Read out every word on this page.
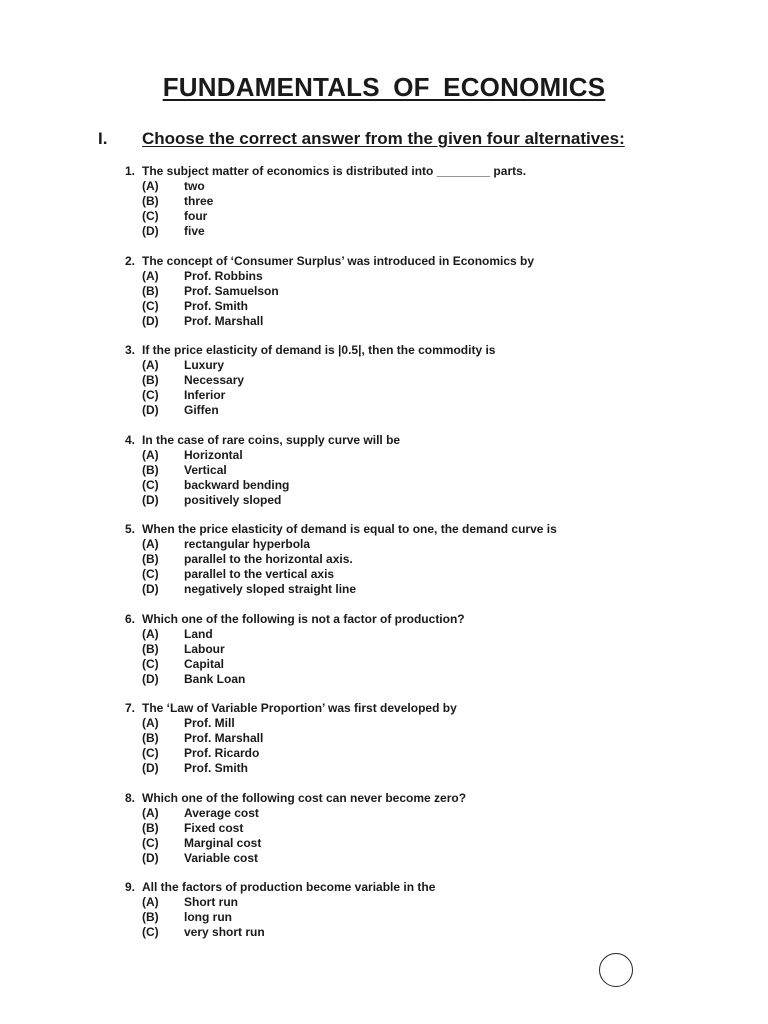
FUNDAMENTALS OF ECONOMICS
I.	Choose the correct answer from the given four alternatives:
1. The subject matter of economics is distributed into ________ parts.
(A)	two
(B)	three
(C)	four
(D)	five
2. The concept of ‘Consumer Surplus’ was introduced in Economics by
(A)	Prof. Robbins
(B)	Prof. Samuelson
(C)	Prof. Smith
(D)	Prof. Marshall
3. If the price elasticity of demand is |0.5|, then the commodity is
(A)	Luxury
(B)	Necessary
(C)	Inferior
(D)	Giffen
4. In the case of rare coins, supply curve will be
(A)	Horizontal
(B)	Vertical
(C)	backward bending
(D)	positively sloped
5. When the price elasticity of demand is equal to one, the demand curve is
(A)	rectangular hyperbola
(B)	parallel to the horizontal axis.
(C)	parallel to the vertical axis
(D)	negatively sloped straight line
6. Which one of the following is not a factor of production?
(A)	Land
(B)	Labour
(C)	Capital
(D)	Bank Loan
7. The ‘Law of Variable Proportion’ was first developed by
(A)	Prof. Mill
(B)	Prof. Marshall
(C)	Prof. Ricardo
(D)	Prof. Smith
8. Which one of the following cost can never become zero?
(A)	Average cost
(B)	Fixed cost
(C)	Marginal cost
(D)	Variable cost
9. All the factors of production become variable in the
(A)	Short run
(B)	long run
(C)	very short run
